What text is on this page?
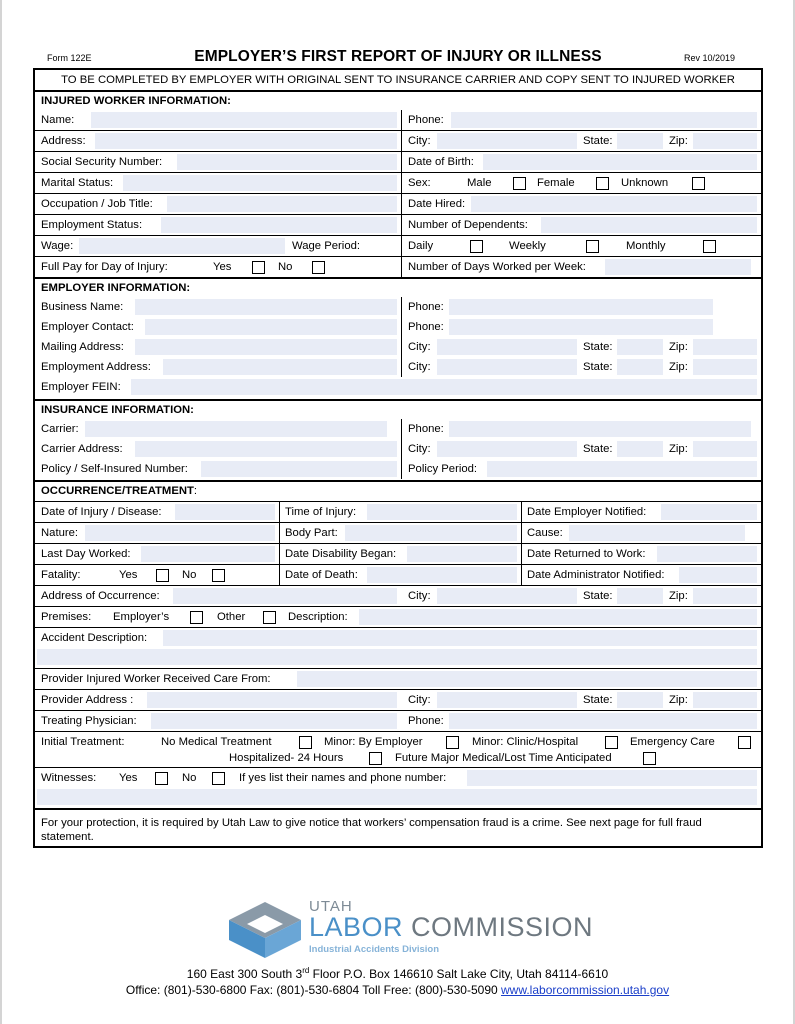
Form 122E	EMPLOYER’S FIRST REPORT OF INJURY OR ILLNESS	Rev 10/2019
TO BE COMPLETED BY EMPLOYER WITH ORIGINAL SENT TO INSURANCE CARRIER AND COPY SENT TO INJURED WORKER
INJURED WORKER INFORMATION:
Name:	Phone:
Address:	City:	State:	Zip:
Social Security Number:	Date of Birth:
Marital Status:	Sex:	Male	Female	Unknown
Occupation / Job Title:	Date Hired:
Employment Status:	Number of Dependents:
Wage:	Wage Period:	Daily	Weekly	Monthly
Full Pay for Day of Injury:	Yes	No	Number of Days Worked per Week:
EMPLOYER INFORMATION:
Business Name:	Phone:
Employer Contact:	Phone:
Mailing Address:	City:	State:	Zip:
Employment Address:	City:	State:	Zip:
Employer FEIN:
INSURANCE INFORMATION:
Carrier:	Phone:
Carrier Address:	City:	State:	Zip:
Policy / Self-Insured Number:	Policy Period:
OCCURRENCE/TREATMENT:
Date of Injury / Disease:	Time of Injury:	Date Employer Notified:
Nature:	Body Part:	Cause:
Last Day Worked:	Date Disability Began:	Date Returned to Work:
Fatality:	Yes	No	Date of Death:	Date Administrator Notified:
Address of Occurrence:	City:	State:	Zip:
Premises: Employer’s	Other	Description:
Accident Description:
Provider Injured Worker Received Care From:
Provider Address :	City:	State:	Zip:
Treating Physician:	Phone:
Initial Treatment:	No Medical Treatment	Minor: By Employer	Minor: Clinic/Hospital	Emergency Care
Hospitalized- 24 Hours	Future Major Medical/Lost Time Anticipated
Witnesses: Yes	No	If yes list their names and phone number:
For your protection, it is required by Utah Law to give notice that workers’ compensation fraud is a crime. See next page for full fraud statement.
UTAH
LABOR COMMISSION
Industrial Accidents Division
160 East 300 South 3rd Floor P.O. Box 146610 Salt Lake City, Utah 84114-6610
Office: (801)-530-6800 Fax: (801)-530-6804 Toll Free: (800)-530-5090 www.laborcommission.utah.gov
